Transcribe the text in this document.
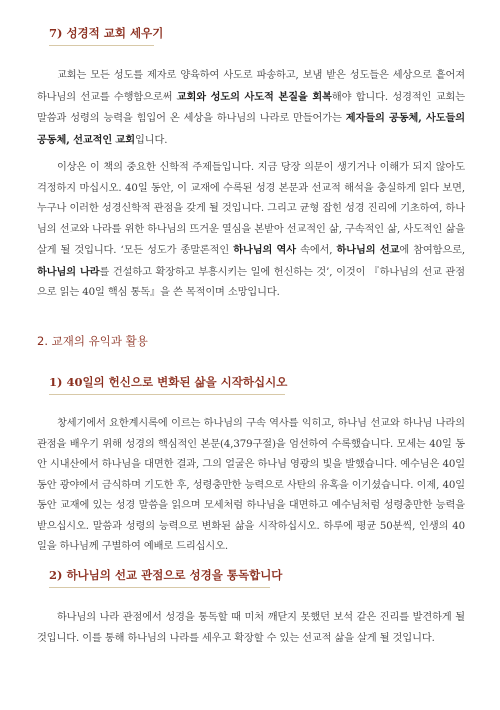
7) 성경적 교회 세우기
교회는 모든 성도를 제자로 양육하여 사도로 파송하고, 보냄 받은 성도들은 세상으로 흩어져 하나님의 선교를 수행함으로써 교회와 성도의 사도적 본질을 회복해야 합니다. 성경적인 교회는 말씀과 성령의 능력을 힘입어 온 세상을 하나님의 나라로 만들어가는 제자들의 공동체, 사도들의 공동체, 선교적인 교회입니다.
이상은 이 책의 중요한 신학적 주제들입니다. 지금 당장 의문이 생기거나 이해가 되지 않아도 걱정하지 마십시오. 40일 동안, 이 교재에 수록된 성경 본문과 선교적 해석을 충실하게 읽다 보면, 누구나 이러한 성경신학적 관점을 갖게 될 것입니다. 그리고 균형 잡힌 성경 진리에 기초하여, 하나님의 선교와 나라를 위한 하나님의 뜨거운 열심을 본받아 선교적인 삶, 구속적인 삶, 사도적인 삶을 살게 될 것입니다. ‘모든 성도가 종말론적인 하나님의 역사 속에서, 하나님의 선교에 참여함으로, 하나님의 나라를 건설하고 확장하고 부흥시키는 일에 헌신하는 것’, 이것이 『하나님의 선교 관점으로 읽는 40일 핵심 통독』을 쓴 목적이며 소망입니다.
2. 교재의 유익과 활용
1) 40일의 헌신으로 변화된 삶을 시작하십시오
창세기에서 요한계시록에 이르는 하나님의 구속 역사를 익히고, 하나님 선교와 하나님 나라의 관점을 배우기 위해 성경의 핵심적인 본문(4,379구절)을 엄선하여 수록했습니다. 모세는 40일 동안 시내산에서 하나님을 대면한 결과, 그의 얼굴은 하나님 영광의 빛을 발했습니다. 예수님은 40일 동안 광야에서 금식하며 기도한 후, 성령충만한 능력으로 사탄의 유혹을 이기셨습니다. 이제, 40일 동안 교재에 있는 성경 말씀을 읽으며 모세처럼 하나님을 대면하고 예수님처럼 성령충만한 능력을 받으십시오. 말씀과 성령의 능력으로 변화된 삶을 시작하십시오. 하루에 평균 50분씩, 인생의 40일을 하나님께 구별하여 예배로 드리십시오.
2) 하나님의 선교 관점으로 성경을 통독합니다
하나님의 나라 관점에서 성경을 통독할 때 미처 깨닫지 못했던 보석 같은 진리를 발견하게 될 것입니다. 이를 통해 하나님의 나라를 세우고 확장할 수 있는 선교적 삶을 살게 될 것입니다.
